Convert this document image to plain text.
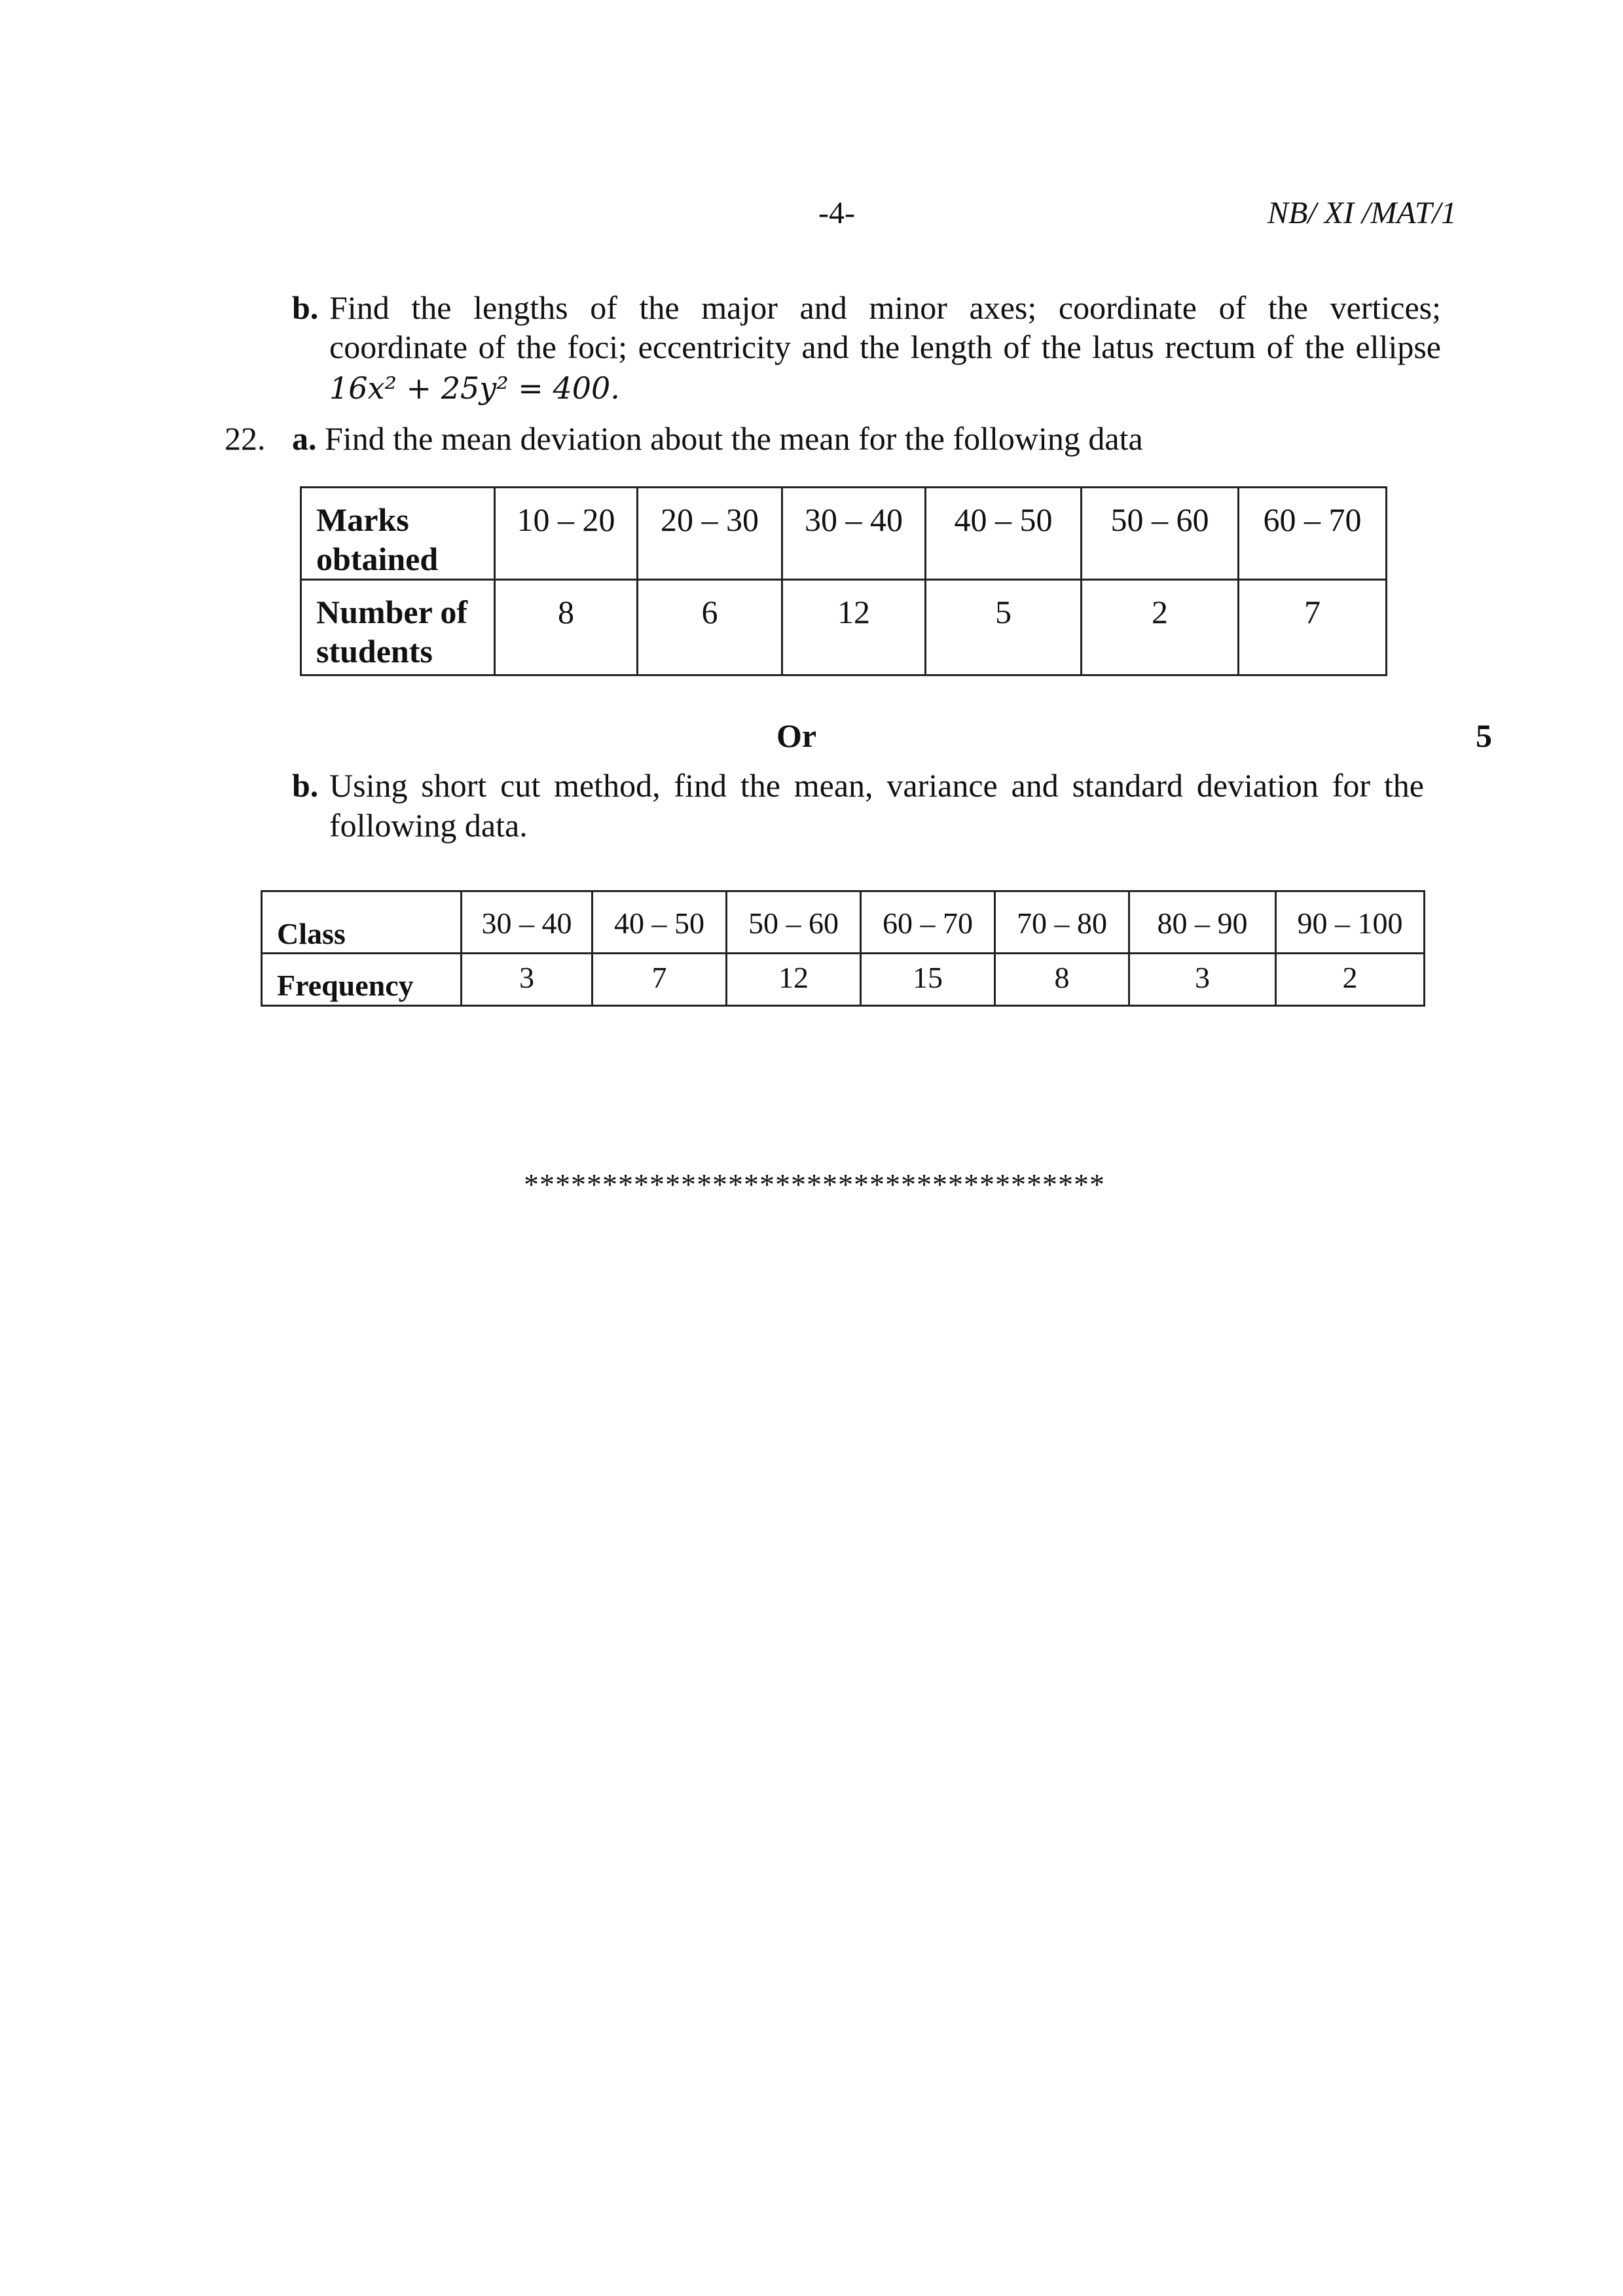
-4-	NB/ XI /MAT/1
b. Find the lengths of the major and minor axes; coordinate of the vertices;
coordinate of the foci; eccentricity and the length of the latus rectum of the ellipse
16x² + 25y² = 400.
22. a. Find the mean deviation about the mean for the following data
Marks
obtained	10 – 20	20 – 30	30 – 40	40 – 50	50 – 60	60 – 70
Number of
students	8	6	12	5	2	7
Or	5
b. Using short cut method, find the mean, variance and standard deviation for the
following data.
Class	30 – 40	40 – 50	50 – 60	60 – 70	70 – 80	80 – 90	90 – 100
Frequency	3	7	12	15	8	3	2
*************************************
